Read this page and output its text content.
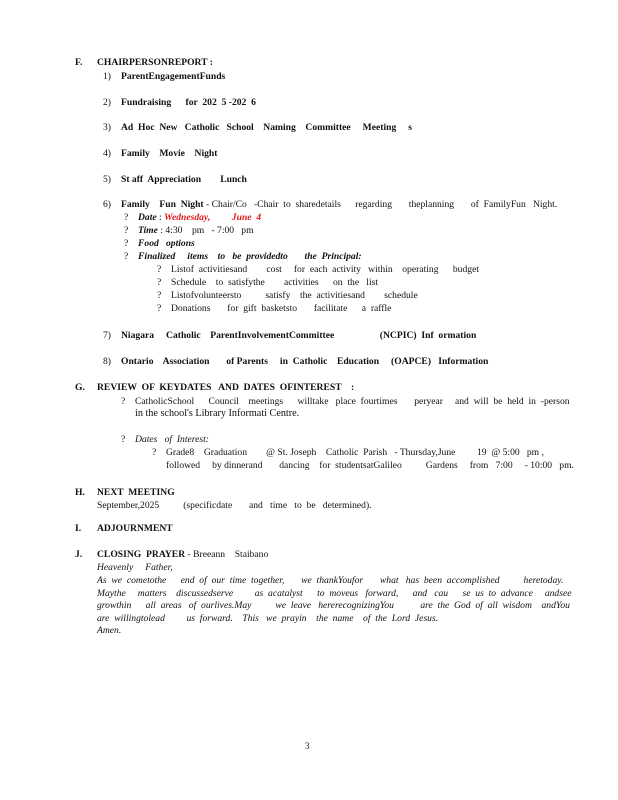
F. CHAIRPERSONREPORT :
1) ParentEngagementFunds
2) Fundraising      for  202  5 -202  6
3) Ad  Hoc  New   Catholic   School    Naming    Committee     Meeting     s
4) Family    Movie    Night
5) St aff  Appreciation        Lunch
6) Family    Fun  Night - Chair/Co   -Chair  to  sharedetails      regarding       theplanning       of  FamilyFun   Night.
? Date : Wednesday,         June  4
? Time : 4:30    pm   - 7:00   pm
? Food   options
? Finalized     items    to   be  providedto       the  Principal:
? Listof  activitiesand        cost     for  each  activity   within    operating      budget
? Schedule    to  satisfythe        activities      on  the   list
? Listofvolunteersto          satisfy    the  activitiesand        schedule
? Donations       for  gift  basketsto       facilitate      a  raffle
7) Niagara     Catholic    ParentInvolvementCommittee                   (NCPIC)  Inf  ormation
8) Ontario    Association       of Parents     in  Catholic    Education     (OAPCE)   Information
G. REVIEW  OF  KEYDATES   AND  DATES  OFINTEREST    :
? CatholicSchool      Council    meetings      willtake   place  fourtimes       peryear     and  will  be  held  in  -person
in the school's Library Informati Centre.
? Dates   of  Interest:
? Grade8    Graduation        @ St. Joseph    Catholic  Parish   - Thursday,June         19  @ 5:00   pm ,
followed     by dinnerand       dancing    for  studentsatGalileo          Gardens     from   7:00     - 10:00   pm.
H. NEXT  MEETING
September,2025          (specificdate       and   time   to  be   determined).
I. ADJOURNMENT
J. CLOSING  PRAYER - Breeann    Staibano
Heavenly     Father,
As  we  cometothe      end  of  our  time  together,       we  thankYoufor       what   has  been  accomplished          heretoday.
Maythe     matters    discussedserve         as  acatalyst      to  moveus   forward,      and   cau      se  us  to  advance     andsee
growthin      all  areas   of  ourlives.May          we  leave   hererecognizingYou           are  the  God  of  all  wisdom    andYou
are  willingtolead         us  forward.    This   we  prayin    the  name    of  the  Lord  Jesus.
Amen.
3
